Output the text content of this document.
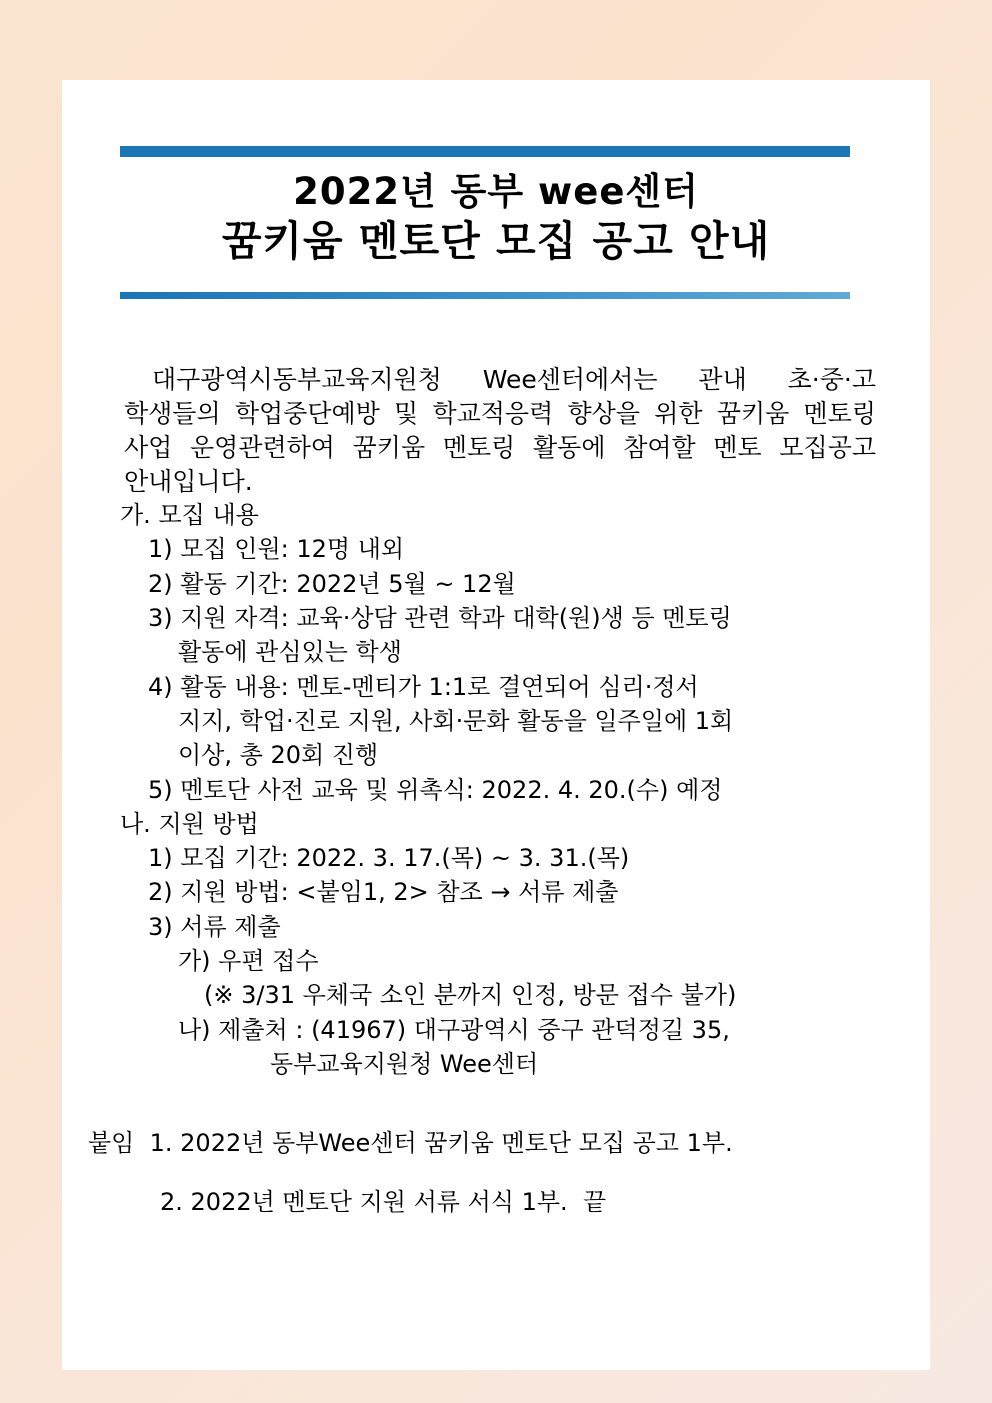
2022년 동부 wee센터
꿈키움 멘토단 모집 공고 안내

대구광역시동부교육지원청 Wee센터에서는 관내 초·중·고 학생들의 학업중단예방 및 학교적응력 향상을 위한 꿈키움 멘토링 사업 운영관련하여 꿈키움 멘토링 활동에 참여할 멘토 모집공고 안내입니다.

가. 모집 내용

1) 모집 인원: 12명 내외

2) 활동 기간: 2022년 5월 ~ 12월

3) 지원 자격: 교육·상담 관련 학과 대학(원)생 등 멘토링

활동에 관심있는 학생

4) 활동 내용: 멘토-멘티가 1:1로 결연되어 심리·정서

지지, 학업·진로 지원, 사회·문화 활동을 일주일에 1회

이상, 총 20회 진행

5) 멘토단 사전 교육 및 위촉식: 2022. 4. 20.(수) 예정

나. 지원 방법

1) 모집 기간: 2022. 3. 17.(목) ~ 3. 31.(목)

2) 지원 방법: <붙임1, 2> 참조 → 서류 제출

3) 서류 제출

가) 우편 접수

(※ 3/31 우체국 소인 분까지 인정, 방문 접수 불가)

나) 제출처 : (41967) 대구광역시 중구 관덕정길 35,

동부교육지원청 Wee센터

붙임  1. 2022년 동부Wee센터 꿈키움 멘토단 모집 공고 1부.

2. 2022년 멘토단 지원 서류 서식 1부.  끝
